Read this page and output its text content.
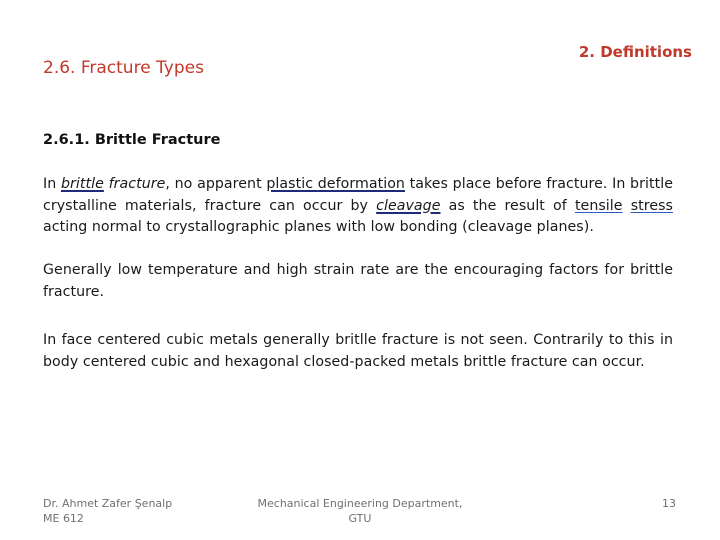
2. Definitions
2.6. Fracture Types
2.6.1. Brittle Fracture
In brittle fracture, no apparent plastic deformation takes place before fracture. In brittle crystalline materials, fracture can occur by cleavage as the result of tensile stress acting normal to crystallographic planes with low bonding (cleavage planes).
Generally low temperature and high strain rate are the encouraging factors for brittle fracture.
In face centered cubic metals generally britlle fracture is not seen. Contrarily to this in body centered cubic and hexagonal closed-packed metals brittle fracture can occur.
Dr. Ahmet Zafer Şenalp
ME 612
Mechanical Engineering Department,
GTU
13
